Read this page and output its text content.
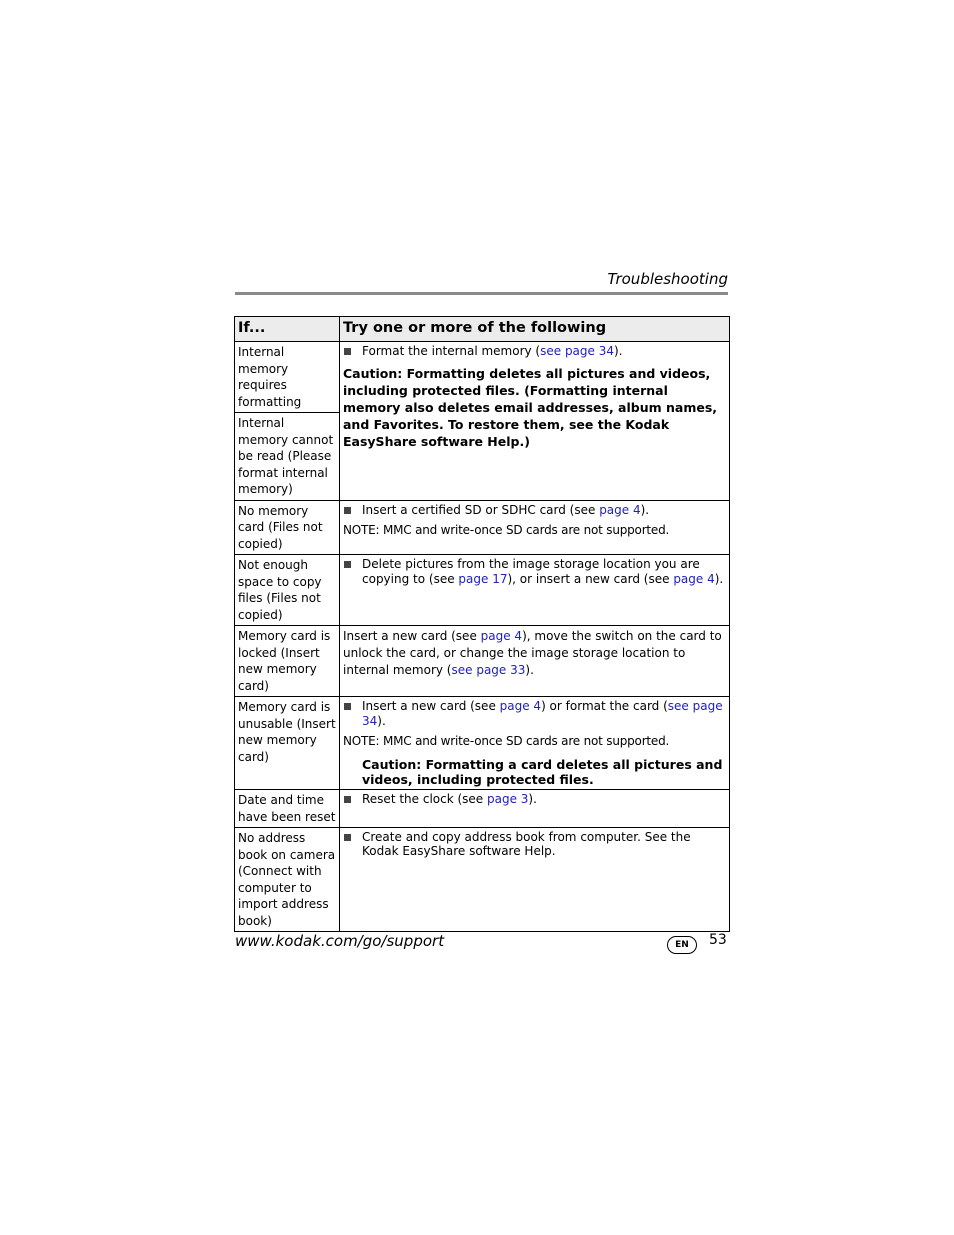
Troubleshooting
If...	Try one or more of the following
Internal memory requires formatting	Format the internal memory (see page 34).
Caution: Formatting deletes all pictures and videos, including protected files. (Formatting internal memory also deletes email addresses, album names, and Favorites. To restore them, see the Kodak EasyShare software Help.)

Internal memory cannot be read (Please format internal memory)	
No memory card (Files not copied)	Insert a certified SD or SDHC card (see page 4).
NOTE: MMC and write-once SD cards are not supported.

Not enough space to copy files (Files not copied)	Delete pictures from the image storage location you are copying to (see page 17), or insert a new card (see page 4).

Memory card is locked (Insert new memory card)	Insert a new card (see page 4), move the switch on the card to unlock the card, or change the image storage location to internal memory (see page 33).

Memory card is unusable (Insert new memory card)	Insert a new card (see page 4) or format the card (see page 34).
NOTE: MMC and write-once SD cards are not supported.
Caution: Formatting a card deletes all pictures and videos, including protected files.

Date and time have been reset	Reset the clock (see page 3).

No address book on camera (Connect with computer to import address book)	Create and copy address book from computer. See the Kodak EasyShare software Help.
www.kodak.com/go/support	EN	53
